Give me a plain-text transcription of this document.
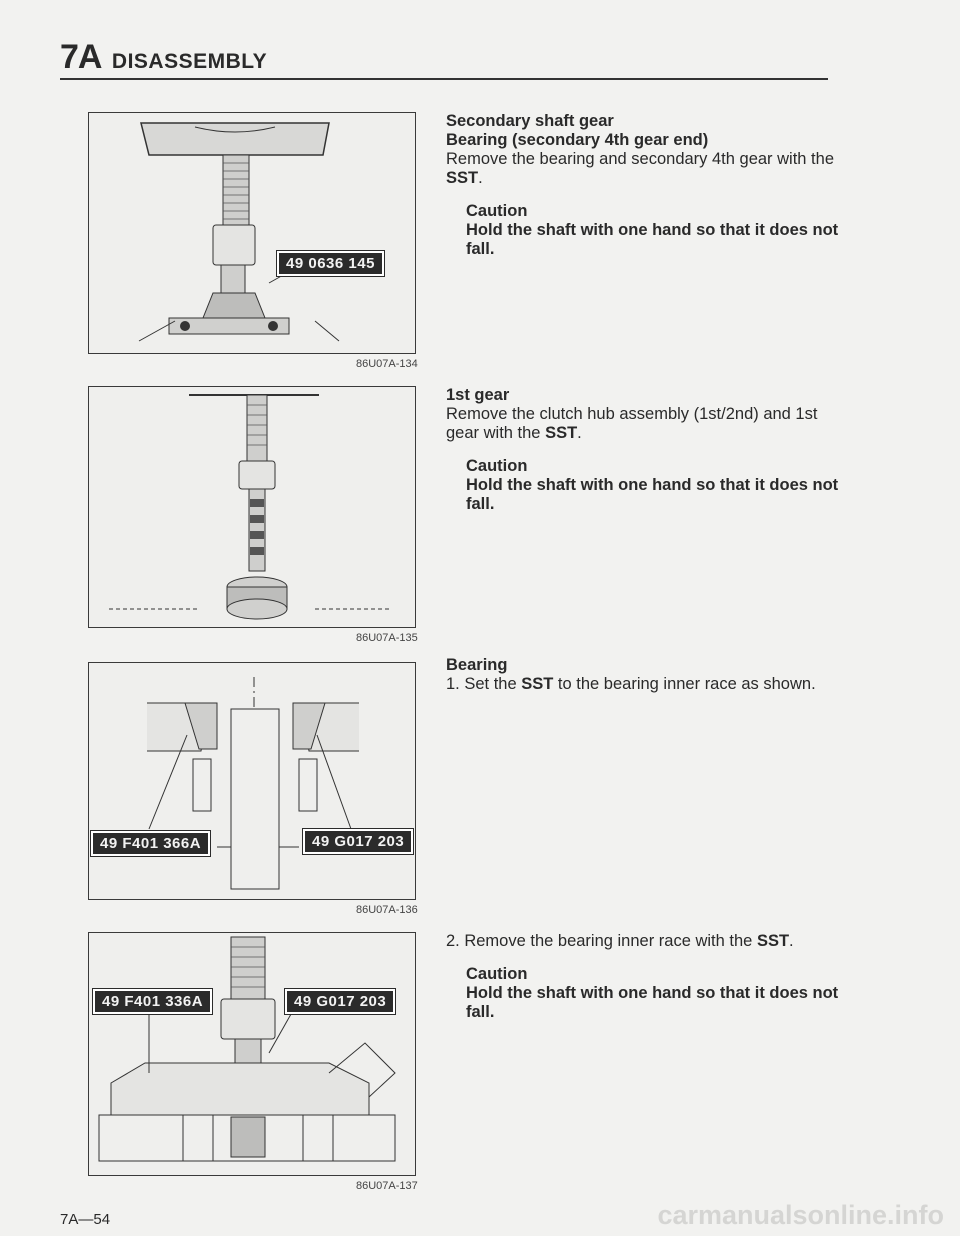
7A DISASSEMBLY
49 0636 145
86U07A-134
86U07A-135
49 F401 366A	49 G017 203
86U07A-136
49 F401 336A	49 G017 203
86U07A-137
Secondary shaft gear
Bearing (secondary 4th gear end)
Remove the bearing and secondary 4th gear with the SST.
Caution
Hold the shaft with one hand so that it does not fall.
1st gear
Remove the clutch hub assembly (1st/2nd) and 1st gear with the SST.
Caution
Hold the shaft with one hand so that it does not fall.
Bearing
1. Set the SST to the bearing inner race as shown.
2. Remove the bearing inner race with the SST.
Caution
Hold the shaft with one hand so that it does not fall.
7A—54	carmanualsonline.info
